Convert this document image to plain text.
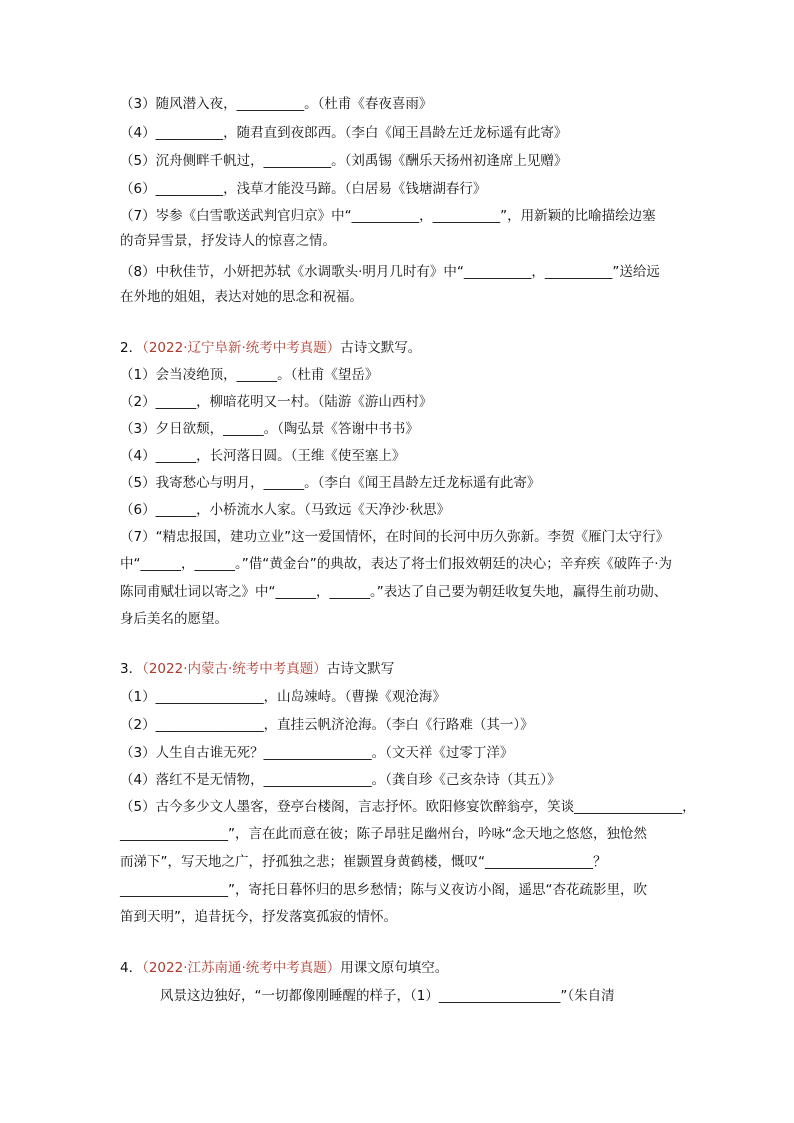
（3）随风潜入夜，__________。（杜甫《春夜喜雨》
（4）__________，随君直到夜郎西。（李白《闻王昌龄左迁龙标遥有此寄》
（5）沉舟侧畔千帆过，__________。（刘禹锡《酬乐天扬州初逢席上见赠》
（6）__________，浅草才能没马蹄。（白居易《钱塘湖春行》
（7）岑参《白雪歌送武判官归京》中“__________，__________”，用新颖的比喻描绘边塞
的奇异雪景，抒发诗人的惊喜之情。
（8）中秋佳节，小妍把苏轼《水调歌头·明月几时有》中“__________，__________”送给远
在外地的姐姐，表达对她的思念和祝福。
2．（2022·辽宁阜新·统考中考真题）古诗文默写。
（1）会当凌绝顶，______。（杜甫《望岳》
（2）______，柳暗花明又一村。（陆游《游山西村》
（3）夕日欲颓，______。（陶弘景《答谢中书书》
（4）______，长河落日圆。（王维《使至塞上》
（5）我寄愁心与明月，______。（李白《闻王昌龄左迁龙标遥有此寄》
（6）______，小桥流水人家。（马致远《天净沙·秋思》
（7）“精忠报国，建功立业”这一爱国情怀，在时间的长河中历久弥新。李贺《雁门太守行》
中“______，______。”借“黄金台”的典故，表达了将士们报效朝廷的决心；辛弃疾《破阵子·为
陈同甫赋壮词以寄之》中“______，______。”表达了自己要为朝廷收复失地，赢得生前功勋、
身后美名的愿望。
3．（2022·内蒙古·统考中考真题）古诗文默写
（1）________________，山岛竦峙。（曹操《观沧海》
（2）________________，直挂云帆济沧海。（李白《行路难（其一）》
（3）人生自古谁无死？________________。（文天祥《过零丁洋》
（4）落红不是无情物，________________。（龚自珍《己亥杂诗（其五）》
（5）古今多少文人墨客，登亭台楼阁，言志抒怀。欧阳修宴饮醉翁亭，笑谈________________，
________________”，言在此而意在彼；陈子昂驻足幽州台，吟咏“念天地之悠悠，独怆然
而涕下”，写天地之广，抒孤独之悲；崔颢置身黄鹤楼，慨叹“________________？
________________”，寄托日暮怀归的思乡愁情；陈与义夜访小阁，遥思“杏花疏影里，吹
笛到天明”，追昔抚今，抒发落寞孤寂的情怀。
4．（2022·江苏南通·统考中考真题）用课文原句填空。
风景这边独好，“一切都像刚睡醒的样子，（1）__________________”（朱自清
